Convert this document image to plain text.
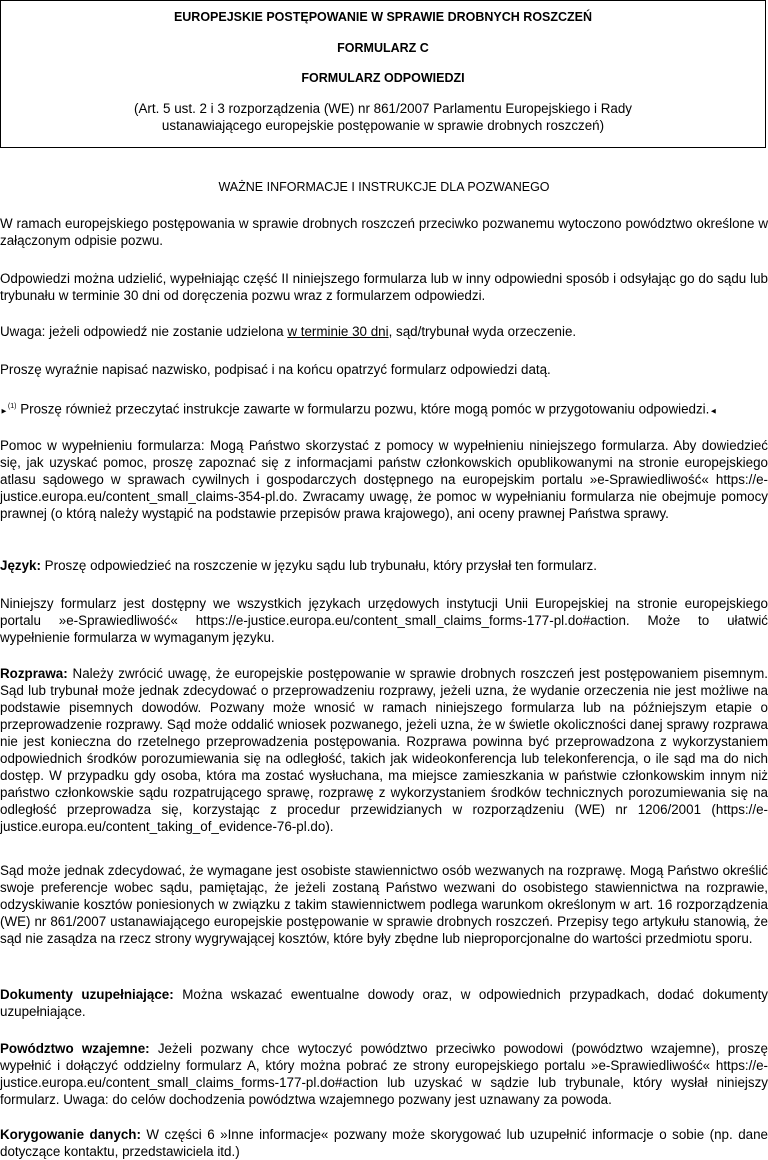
EUROPEJSKIE POSTĘPOWANIE W SPRAWIE DROBNYCH ROSZCZEŃ
FORMULARZ C
FORMULARZ ODPOWIEDZI
(Art. 5 ust. 2 i 3 rozporządzenia (WE) nr 861/2007 Parlamentu Europejskiego i Rady
ustanawiającego europejskie postępowanie w sprawie drobnych roszczeń)
WAŻNE INFORMACJE I INSTRUKCJE DLA POZWANEGO

W ramach europejskiego postępowania w sprawie drobnych roszczeń przeciwko pozwanemu wytoczono powództwo określone w załączonym odpisie pozwu.

Odpowiedzi można udzielić, wypełniając część II niniejszego formularza lub w inny odpowiedni sposób i odsyłając go do sądu lub trybunału w terminie 30 dni od doręczenia pozwu wraz z formularzem odpowiedzi.

Uwaga: jeżeli odpowiedź nie zostanie udzielona w terminie 30 dni, sąd/trybunał wyda orzeczenie.

Proszę wyraźnie napisać nazwisko, podpisać i na końcu opatrzyć formularz odpowiedzi datą.

►$^{(1)}$ Proszę również przeczytać instrukcje zawarte w formularzu pozwu, które mogą pomóc w przygotowaniu odpowiedzi.◄

Pomoc w wypełnieniu formularza: Mogą Państwo skorzystać z pomocy w wypełnieniu niniejszego formularza. Aby dowiedzieć się, jak uzyskać pomoc, proszę zapoznać się z informacjami państw członkowskich opublikowanymi na stronie europejskiego atlasu sądowego w sprawach cywilnych i gospodarczych dostępnego na europejskim portalu »e-Sprawiedliwość« https://e-justice.europa.eu/content_small_claims-354-pl.do. Zwracamy uwagę, że pomoc w wypełnianiu formularza nie obejmuje pomocy prawnej (o którą należy wystąpić na podstawie przepisów prawa krajowego), ani oceny prawnej Państwa sprawy.

Język: Proszę odpowiedzieć na roszczenie w języku sądu lub trybunału, który przysłał ten formularz.

Niniejszy formularz jest dostępny we wszystkich językach urzędowych instytucji Unii Europejskiej na stronie europejskiego portalu »e-Sprawiedliwość« https://e-justice.europa.eu/content_small_claims_forms-177-pl.do#action. Może to ułatwić wypełnienie formularza w wymaganym języku.

Rozprawa: Należy zwrócić uwagę, że europejskie postępowanie w sprawie drobnych roszczeń jest postępowaniem pisemnym. Sąd lub trybunał może jednak zdecydować o przeprowadzeniu rozprawy, jeżeli uzna, że wydanie orzeczenia nie jest możliwe na podstawie pisemnych dowodów. Pozwany może wnosić w ramach niniejszego formularza lub na późniejszym etapie o przeprowadzenie rozprawy. Sąd może oddalić wniosek pozwanego, jeżeli uzna, że w świetle okoliczności danej sprawy rozprawa nie jest konieczna do rzetelnego przeprowadzenia postępowania. Rozprawa powinna być przeprowadzona z wykorzystaniem odpowiednich środków porozumiewania się na odległość, takich jak wideokonferencja lub telekonferencja, o ile sąd ma do nich dostęp. W przypadku gdy osoba, która ma zostać wysłuchana, ma miejsce zamieszkania w państwie członkowskim innym niż państwo członkowskie sądu rozpatrującego sprawę, rozprawę z wykorzystaniem środków technicznych porozumiewania się na odległość przeprowadza się, korzystając z procedur przewidzianych w rozporządzeniu (WE) nr 1206/2001 (https://e-justice.europa.eu/content_taking_of_evidence-76-pl.do).

Sąd może jednak zdecydować, że wymagane jest osobiste stawiennictwo osób wezwanych na rozprawę. Mogą Państwo określić swoje preferencje wobec sądu, pamiętając, że jeżeli zostaną Państwo wezwani do osobistego stawiennictwa na rozprawie, odzyskiwanie kosztów poniesionych w związku z takim stawiennictwem podlega warunkom określonym w art. 16 rozporządzenia (WE) nr 861/2007 ustanawiającego europejskie postępowanie w sprawie drobnych roszczeń. Przepisy tego artykułu stanowią, że sąd nie zasądza na rzecz strony wygrywającej kosztów, które były zbędne lub nieproporcjonalne do wartości przedmiotu sporu.

Dokumenty uzupełniające: Można wskazać ewentualne dowody oraz, w odpowiednich przypadkach, dodać dokumenty uzupełniające.

Powództwo wzajemne: Jeżeli pozwany chce wytoczyć powództwo przeciwko powodowi (powództwo wzajemne), proszę wypełnić i dołączyć oddzielny formularz A, który można pobrać ze strony europejskiego portalu »e-Sprawiedliwość« https://e-justice.europa.eu/content_small_claims_forms-177-pl.do#action lub uzyskać w sądzie lub trybunale, który wysłał niniejszy formularz. Uwaga: do celów dochodzenia powództwa wzajemnego pozwany jest uznawany za powoda.

Korygowanie danych: W części 6 »Inne informacje« pozwany może skorygować lub uzupełnić informacje o sobie (np. dane dotyczące kontaktu, przedstawiciela itd.)
